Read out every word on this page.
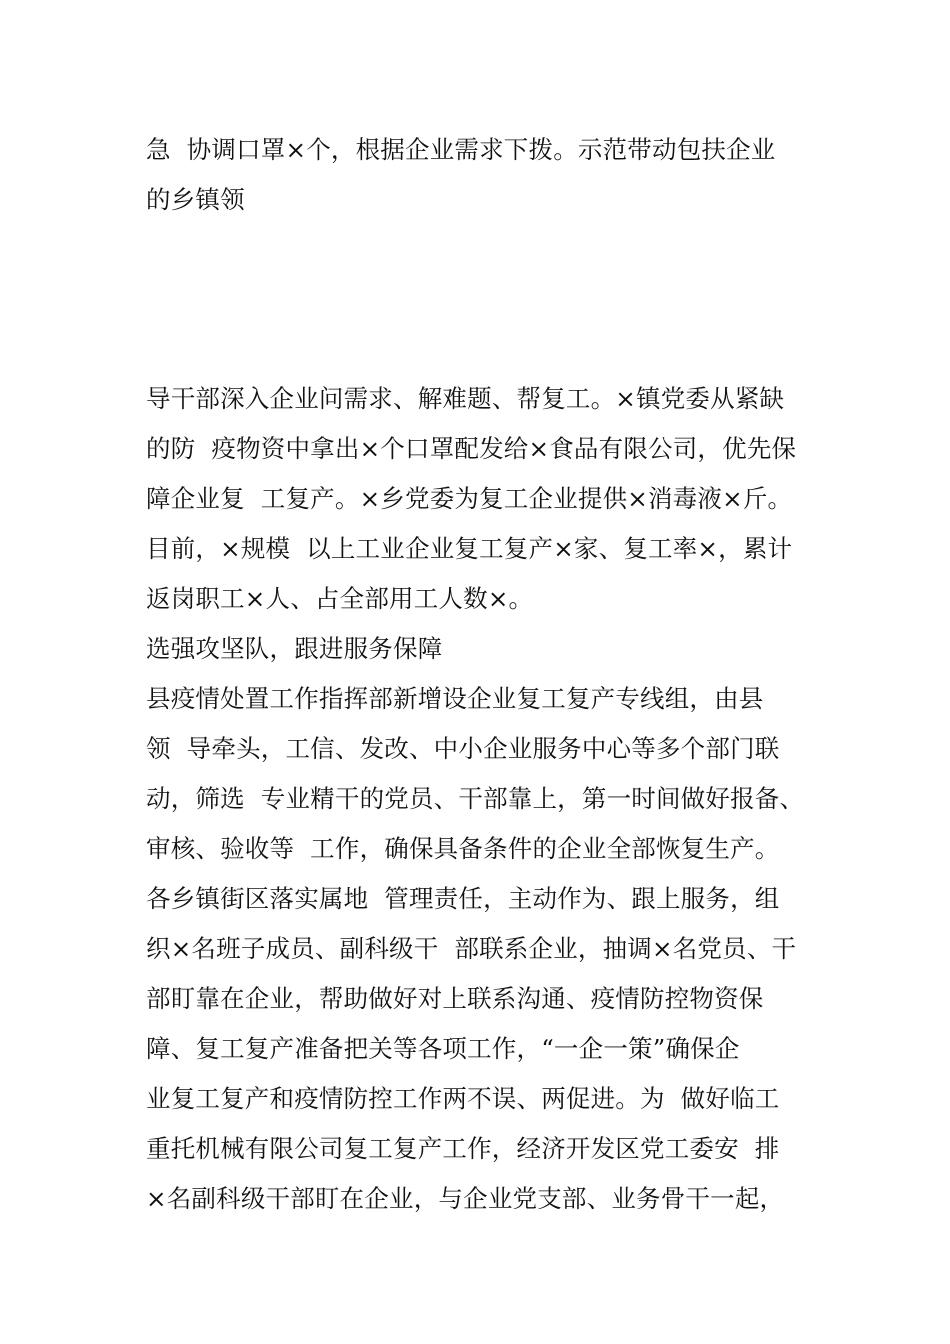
急  协调口罩×个，根据企业需求下拨。示范带动包扶企业
的乡镇领
导干部深入企业问需求、解难题、帮复工。×镇党委从紧缺
的防  疫物资中拿出×个口罩配发给×食品有限公司，优先保
障企业复  工复产。×乡党委为复工企业提供×消毒液×斤。
目前，×规模  以上工业企业复工复产×家、复工率×，累计
返岗职工×人、占全部用工人数×。
选强攻坚队，跟进服务保障
县疫情处置工作指挥部新增设企业复工复产专线组，由县
领  导牵头，工信、发改、中小企业服务中心等多个部门联
动，筛选  专业精干的党员、干部靠上，第一时间做好报备、
审核、验收等  工作，确保具备条件的企业全部恢复生产。
各乡镇街区落实属地  管理责任，主动作为、跟上服务，组
织×名班子成员、副科级干  部联系企业，抽调×名党员、干
部盯靠在企业，帮助做好对上联系沟通、疫情防控物资保
障、复工复产准备把关等各项工作，“一企一策”确保企
业复工复产和疫情防控工作两不误、两促进。为  做好临工
重托机械有限公司复工复产工作，经济开发区党工委安  排
×名副科级干部盯在企业，与企业党支部、业务骨干一起，
